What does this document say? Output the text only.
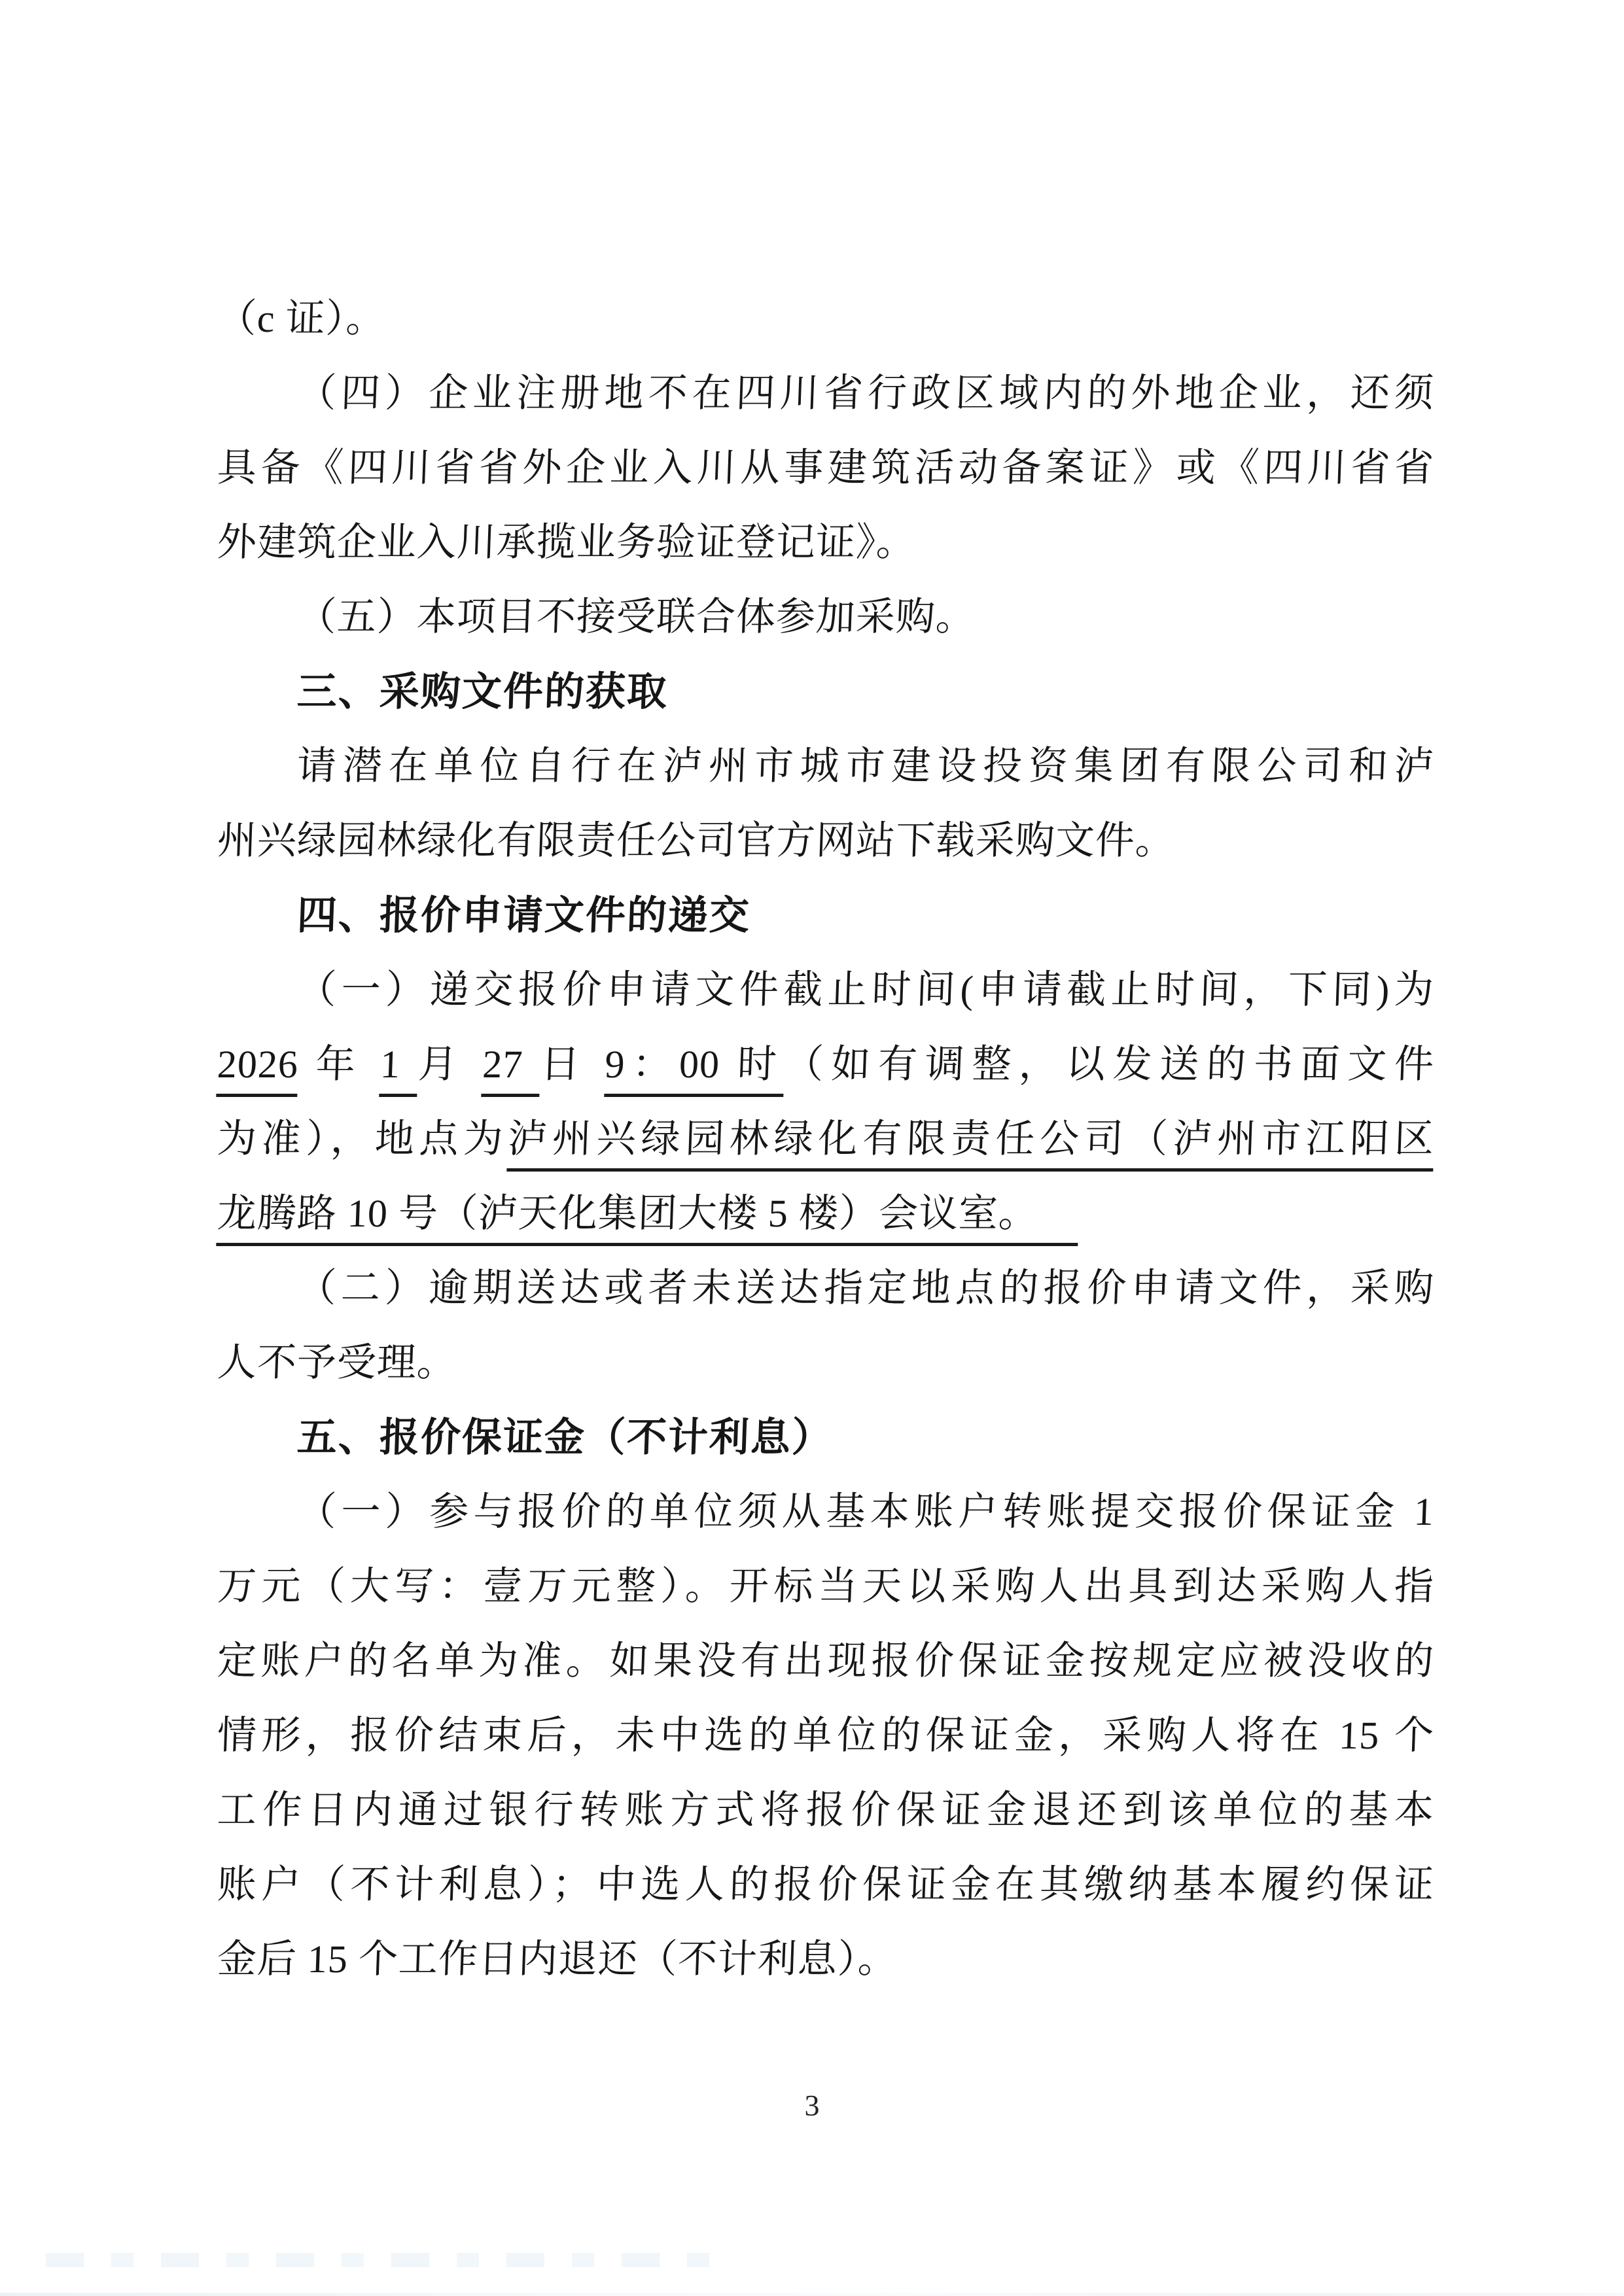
（c 证）。
（四）企业注册地不在四川省行政区域内的外地企业，还须
具备《四川省省外企业入川从事建筑活动备案证》或《四川省省
外建筑企业入川承揽业务验证登记证》。
（五）本项目不接受联合体参加采购。
三、采购文件的获取
请潜在单位自行在泸州市城市建设投资集团有限公司和泸
州兴绿园林绿化有限责任公司官方网站下载采购文件。
四、报价申请文件的递交
（一）递交报价申请文件截止时间(申请截止时间，下同)为
2026 年 1 月 27 日 9：00 时（如有调整，以发送的书面文件
为准），地点为泸州兴绿园林绿化有限责任公司（泸州市江阳区
龙腾路 10 号（泸天化集团大楼 5 楼）会议室。
（二）逾期送达或者未送达指定地点的报价申请文件，采购
人不予受理。
五、报价保证金（不计利息）
（一）参与报价的单位须从基本账户转账提交报价保证金 1
万元（大写：壹万元整）。开标当天以采购人出具到达采购人指
定账户的名单为准。如果没有出现报价保证金按规定应被没收的
情形，报价结束后，未中选的单位的保证金，采购人将在 15 个
工作日内通过银行转账方式将报价保证金退还到该单位的基本
账户（不计利息）；中选人的报价保证金在其缴纳基本履约保证
金后 15 个工作日内退还（不计利息）。
3
